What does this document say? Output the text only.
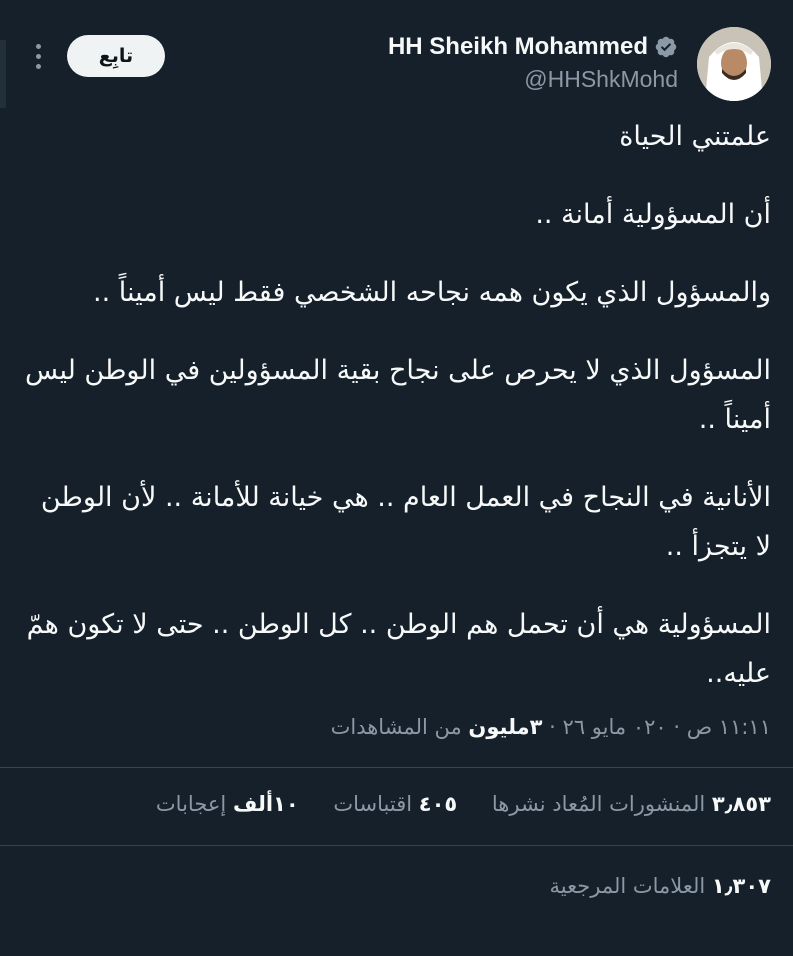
تابِع	HH Sheikh Mohammed
@HHShkMohd

علمتني الحياة

أن المسؤولية أمانة ..

والمسؤول الذي يكون همه نجاحه الشخصي فقط ليس أميناً ..

المسؤول الذي لا يحرص على نجاح بقية المسؤولين في الوطن ليس أميناً ..

الأنانية في النجاح في العمل العام .. هي خيانة للأمانة .. لأن الوطن لا يتجزأ ..

المسؤولية هي أن تحمل هم الوطن .. كل الوطن .. حتى لا تكون همّ عليه..

١١:١١ ص · ٠٢٠ مايو ٢٦ · ٣مليون من المشاهدات
٣٫٨٥٣ المنشورات المُعاد نشرها ٤٠٥ اقتباسات ١٠ألف إعجابات
١٫٣٠٧ العلامات المرجعية
